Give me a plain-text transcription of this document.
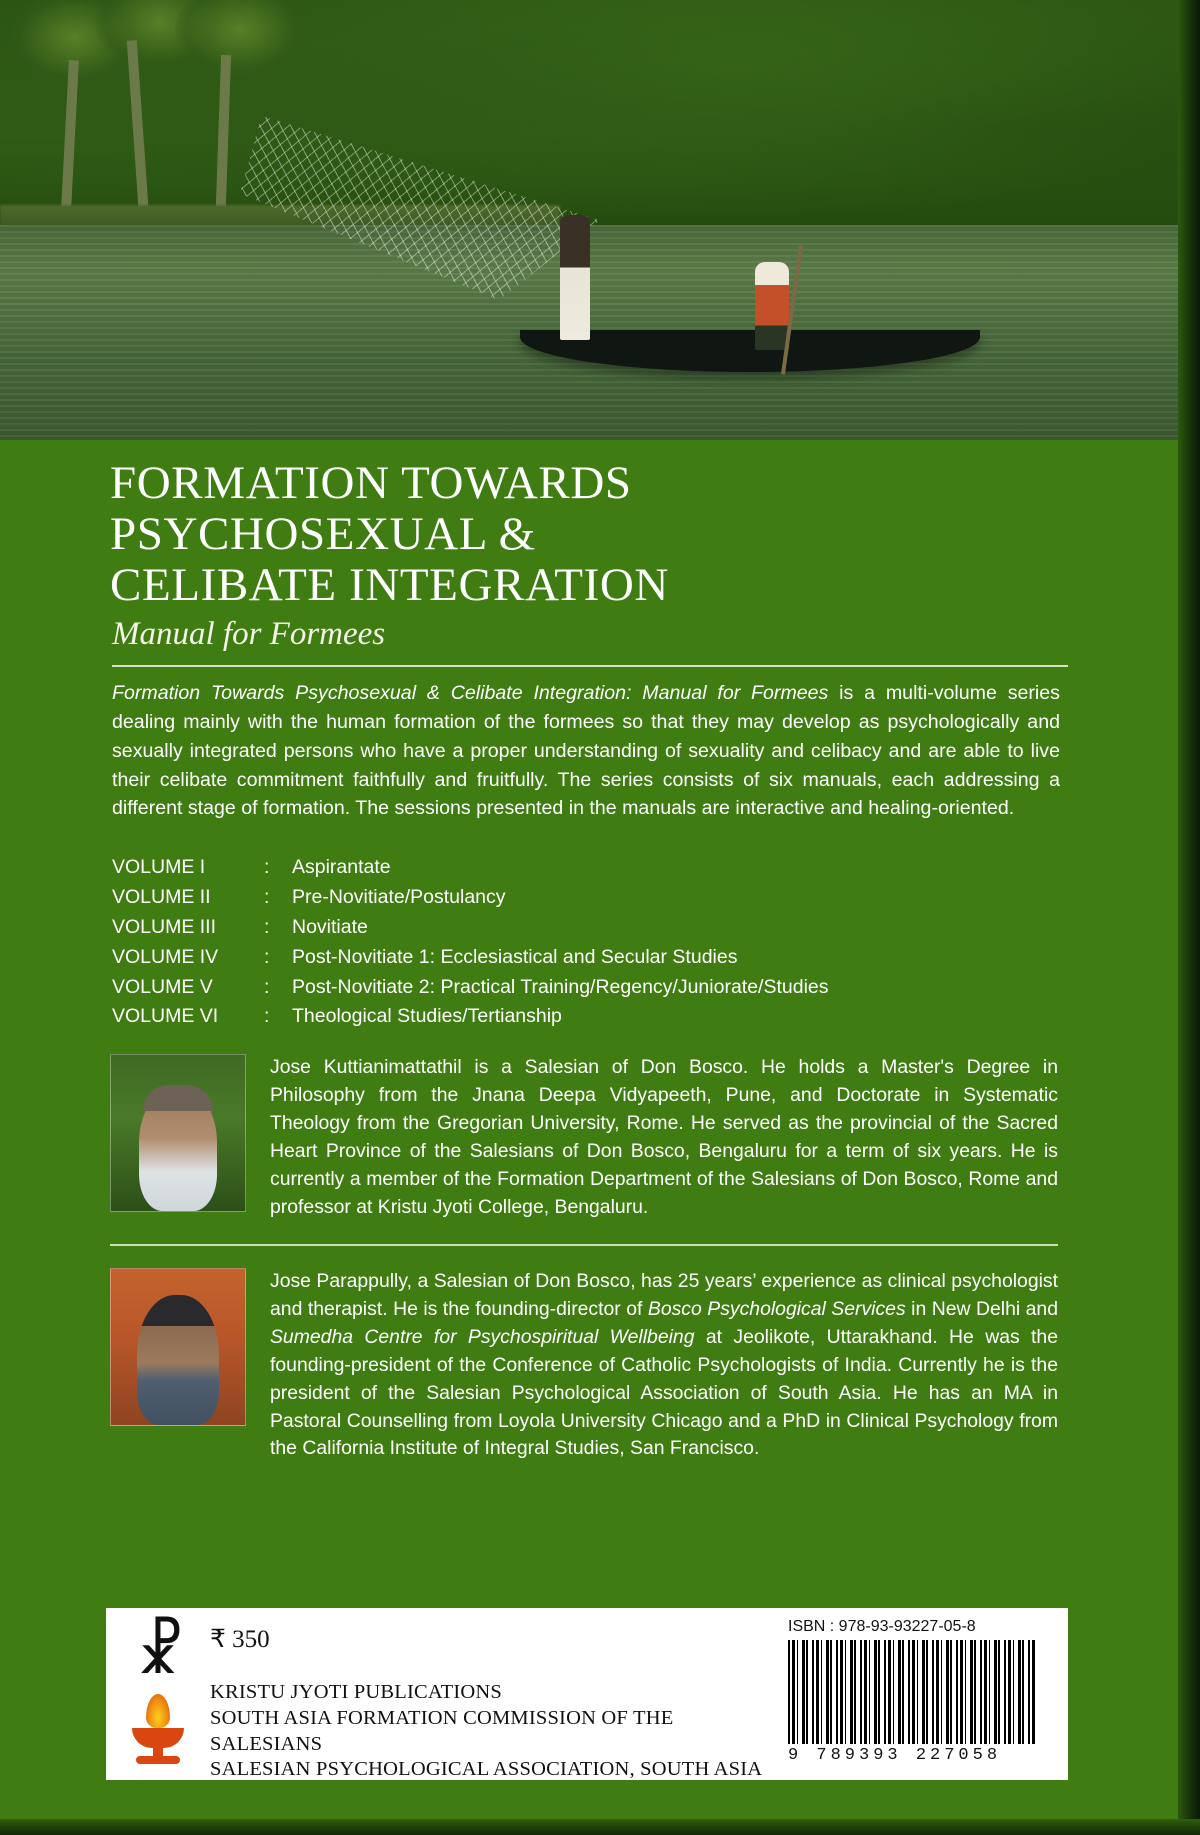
FORMATION TOWARDS
PSYCHOSEXUAL &
CELIBATE INTEGRATION
Manual for Formees

Formation Towards Psychosexual & Celibate Integration: Manual for Formees is a multi-volume series dealing mainly with the human formation of the formees so that they may develop as psychologically and sexually integrated persons who have a proper understanding of sexuality and celibacy and are able to live their celibate commitment faithfully and fruitfully. The series consists of six manuals, each addressing a different stage of formation. The sessions presented in the manuals are interactive and healing-oriented.

VOLUME I	:	Aspirantate
VOLUME II	:	Pre-Novitiate/Postulancy
VOLUME III	:	Novitiate
VOLUME IV	:	Post-Novitiate 1: Ecclesiastical and Secular Studies
VOLUME V	:	Post-Novitiate 2: Practical Training/Regency/Juniorate/Studies
VOLUME VI	:	Theological Studies/Tertianship
Jose Kuttianimattathil is a Salesian of Don Bosco. He holds a Master's Degree in Philosophy from the Jnana Deepa Vidyapeeth, Pune, and Doctorate in Systematic Theology from the Gregorian University, Rome. He served as the provincial of the Sacred Heart Province of the Salesians of Don Bosco, Bengaluru for a term of six years. He is currently a member of the Formation Department of the Salesians of Don Bosco, Rome and professor at Kristu Jyoti College, Bengaluru.
Jose Parappully, a Salesian of Don Bosco, has 25 years’ experience as clinical psychologist and therapist. He is the founding-director of Bosco Psychological Services in New Delhi and Sumedha Centre for Psychospiritual Wellbeing at Jeolikote, Uttarakhand. He was the founding-president of the Conference of Catholic Psychologists of India. Currently he is the president of the Salesian Psychological Association of South Asia. He has an MA in Pastoral Counselling from Loyola University Chicago and a PhD in Clinical Psychology from the California Institute of Integral Studies, San Francisco.
☧ ₹ 350
KRISTU JYOTI PUBLICATIONS
SOUTH ASIA FORMATION COMMISSION OF THE SALESIANS
SALESIAN PSYCHOLOGICAL ASSOCIATION, SOUTH ASIA
ISBN : 978-93-93227-05-8
9 789393 227058
